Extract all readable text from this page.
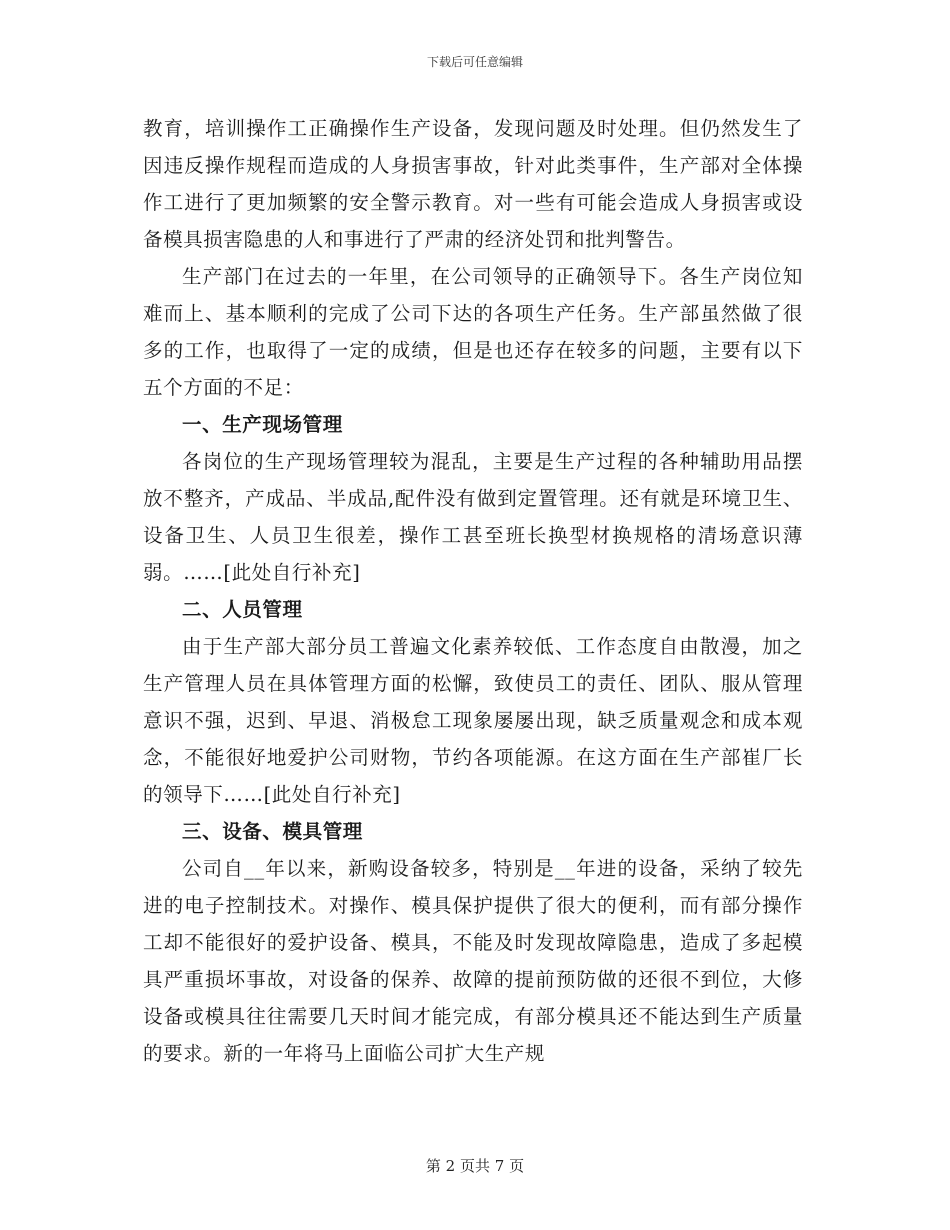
下载后可任意编辑

教育，培训操作工正确操作生产设备，发现问题及时处理。但仍然发生了因违反操作规程而造成的人身损害事故，针对此类事件，生产部对全体操作工进行了更加频繁的安全警示教育。对一些有可能会造成人身损害或设备模具损害隐患的人和事进行了严肃的经济处罚和批判警告。

生产部门在过去的一年里，在公司领导的正确领导下。各生产岗位知难而上、基本顺利的完成了公司下达的各项生产任务。生产部虽然做了很多的工作，也取得了一定的成绩，但是也还存在较多的问题，主要有以下五个方面的不足：

一、生产现场管理

各岗位的生产现场管理较为混乱，主要是生产过程的各种辅助用品摆放不整齐，产成品、半成品,配件没有做到定置管理。还有就是环境卫生、设备卫生、人员卫生很差，操作工甚至班长换型材换规格的清场意识薄弱。……[此处自行补充]

二、人员管理

由于生产部大部分员工普遍文化素养较低、工作态度自由散漫，加之生产管理人员在具体管理方面的松懈，致使员工的责任、团队、服从管理意识不强，迟到、早退、消极怠工现象屡屡出现，缺乏质量观念和成本观念，不能很好地爱护公司财物，节约各项能源。在这方面在生产部崔厂长的领导下……[此处自行补充]

三、设备、模具管理

公司自__年以来，新购设备较多，特别是__年进的设备，采纳了较先进的电子控制技术。对操作、模具保护提供了很大的便利，而有部分操作工却不能很好的爱护设备、模具，不能及时发现故障隐患，造成了多起模具严重损坏事故，对设备的保养、故障的提前预防做的还很不到位，大修设备或模具往往需要几天时间才能完成，有部分模具还不能达到生产质量的要求。新的一年将马上面临公司扩大生产规

第 2 页共 7 页
